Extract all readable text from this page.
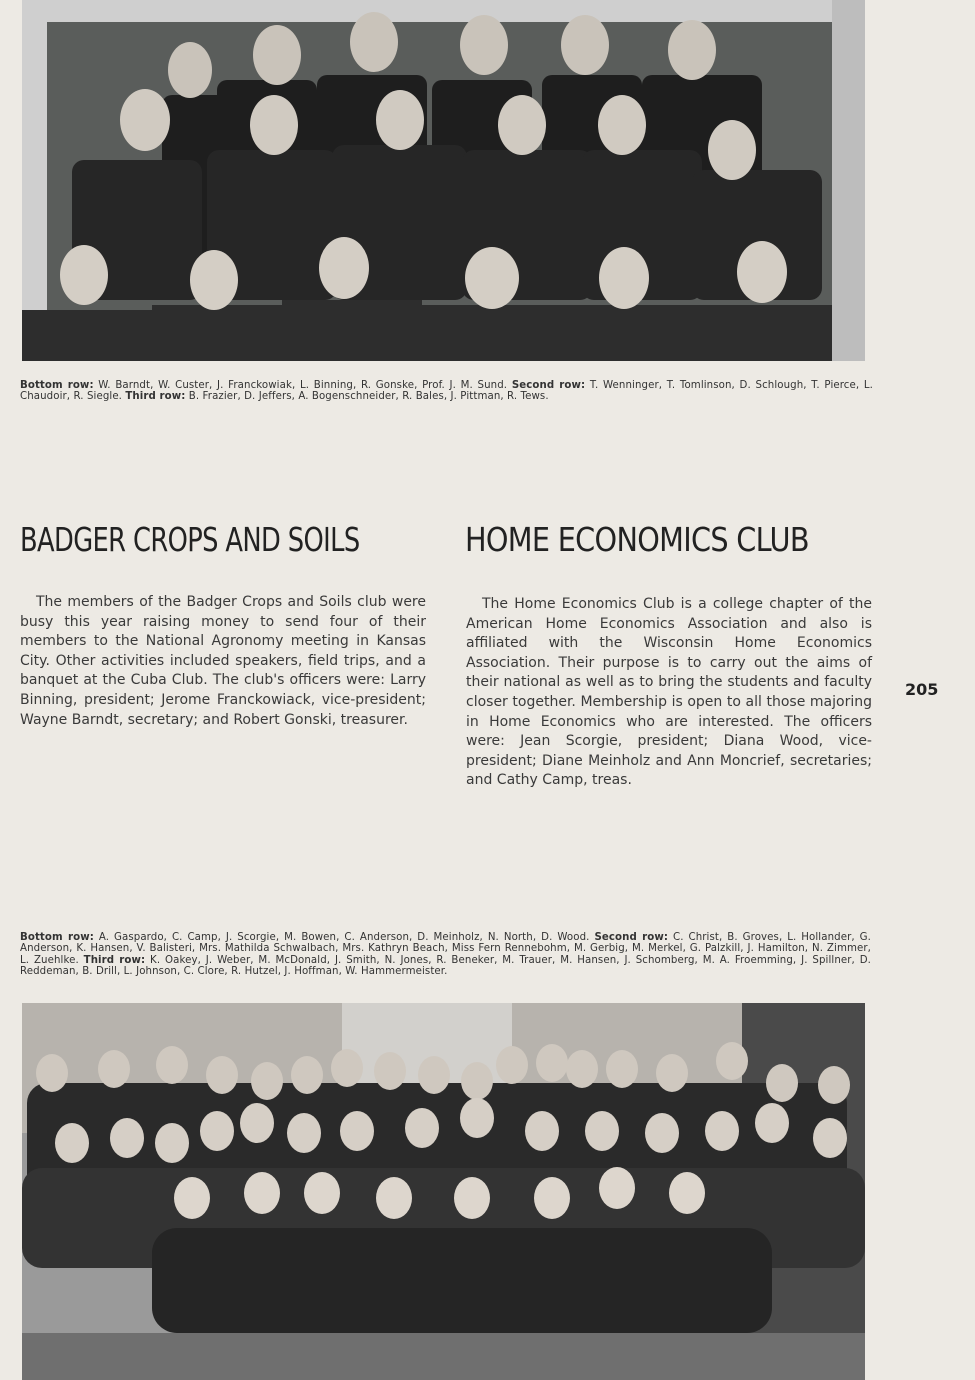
Bottom row: W. Barndt, W. Custer, J. Franckowiak, L. Binning, R. Gonske, Prof. J. M. Sund. Second row: T. Wenninger, T. Tomlinson, D. Schlough, T. Pierce, L. Chaudoir, R. Siegle. Third row: B. Frazier, D. Jeffers, A. Bogenschneider, R. Bales, J. Pittman, R. Tews.
BADGER CROPS AND SOILS	HOME ECONOMICS CLUB

The members of the Badger Crops and Soils club were busy this year raising money to send four of their members to the National Agronomy meeting in Kansas City. Other activities included speakers, field trips, and a banquet at the Cuba Club. The club's officers were: Larry Binning, president; Jerome Franckowiack, vice-president; Wayne Barndt, secretary; and Robert Gonski, treasurer.

The Home Economics Club is a college chapter of the American Home Economics Association and also is affiliated with the Wisconsin Home Economics Association. Their purpose is to carry out the aims of their national as well as to bring the students and faculty closer together. Membership is open to all those majoring in Home Economics who are interested. The officers were: Jean Scorgie, president; Diana Wood, vice-president; Diane Meinholz and Ann Moncrief, secretaries; and Cathy Camp, treas.

205
Bottom row: A. Gaspardo, C. Camp, J. Scorgie, M. Bowen, C. Anderson, D. Meinholz, N. North, D. Wood. Second row: C. Christ, B. Groves, L. Hollander, G. Anderson, K. Hansen, V. Balisteri, Mrs. Mathilda Schwalbach, Mrs. Kathryn Beach, Miss Fern Rennebohm, M. Gerbig, M. Merkel, G. Palzkill, J. Hamilton, N. Zimmer, L. Zuehlke. Third row: K. Oakey, J. Weber, M. McDonald, J. Smith, N. Jones, R. Beneker, M. Trauer, M. Hansen, J. Schomberg, M. A. Froemming, J. Spillner, D. Reddeman, B. Drill, L. Johnson, C. Clore, R. Hutzel, J. Hoffman, W. Hammermeister.
